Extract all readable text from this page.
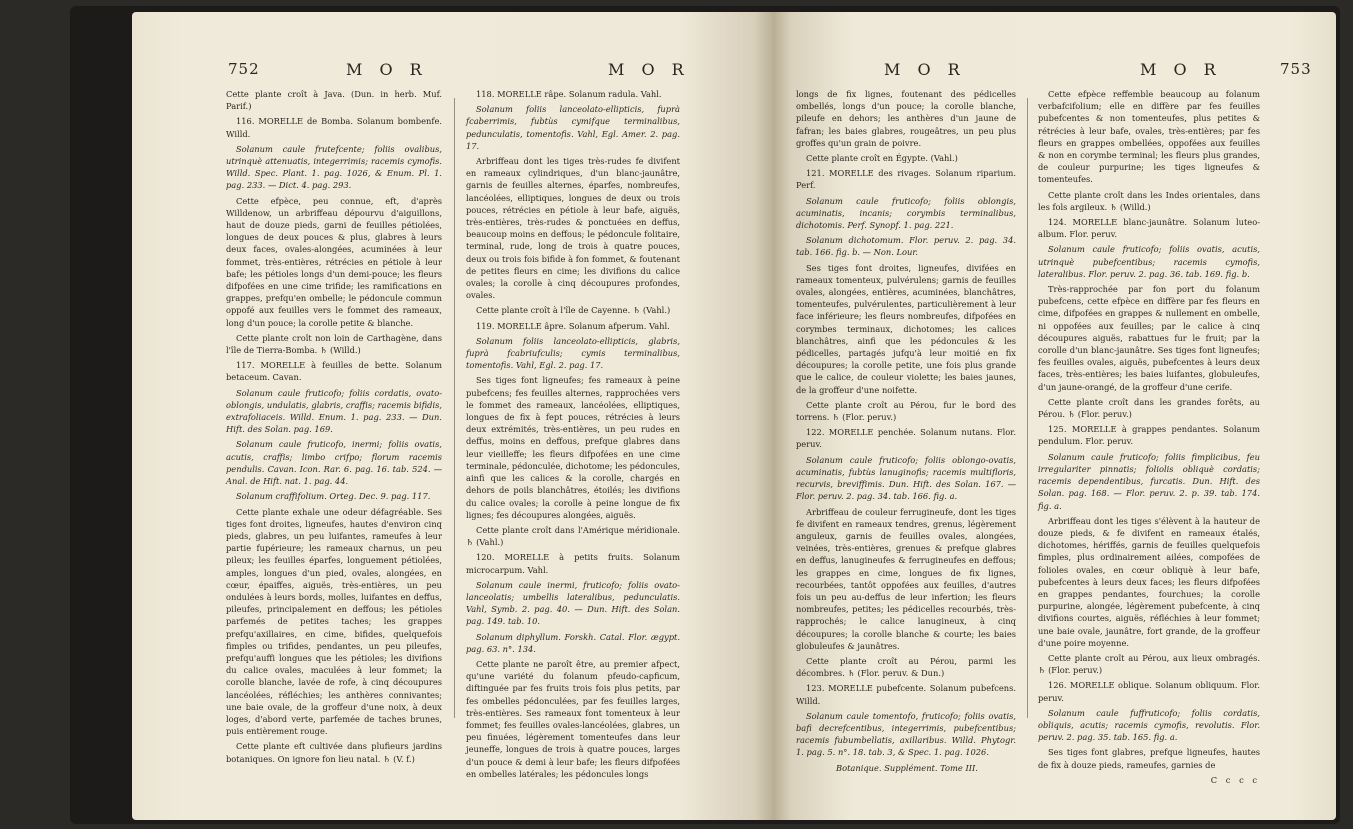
752	M O R	M O R

Cette plante croît à Java. (Dun. in herb. Muf. Parif.)

116. MORELLE de Bomba. Solanum bombenfe. Willd.

Solanum caule frutefcente; foliis ovalibus, utrinquè attenuatis, integerrimis; racemis cymofis. Willd. Spec. Plant. 1. pag. 1026, & Enum. Pl. 1. pag. 233. — Dict. 4. pag. 293.

Cette efpèce, peu connue, eft, d'après Willdenow, un arbriffeau dépourvu d'aiguillons, haut de douze pieds, garni de feuilles pétiolées, longues de deux pouces & plus, glabres à leurs deux faces, ovales-alongées, acuminées à leur fommet, très-entières, rétrécies en pétiole à leur bafe; les pétioles longs d'un demi-pouce; les fleurs difpofées en une cime trifide; les ramifications en grappes, prefqu'en ombelle; le pédoncule commun oppofé aux feuilles vers le fommet des rameaux, long d'un pouce; la corolle petite & blanche.

Cette plante croît non loin de Carthagène, dans l'île de Tierra-Bomba. ♄ (Willd.)

117. MORELLE à feuilles de bette. Solanum betaceum. Cavan.

Solanum caule fruticofo; foliis cordatis, ovato-oblongis, undulatis, glabris, craffis; racemis bifidis, extrafoliaceis. Willd. Enum. 1. pag. 233. — Dun. Hift. des Solan. pag. 169.

Solanum caule fruticofo, inermi; foliis ovatis, acutis, craffis; limbo crifpo; florum racemis pendulis. Cavan. Icon. Rar. 6. pag. 16. tab. 524. — Anal. de Hift. nat. 1. pag. 44.

Solanum craffifolium. Orteg. Dec. 9. pag. 117.

Cette plante exhale une odeur défagréable. Ses tiges font droites, ligneufes, hautes d'environ cinq pieds, glabres, un peu luifantes, rameufes à leur partie fupérieure; les rameaux charnus, un peu pileux; les feuilles éparfes, longuement pétiolées, amples, longues d'un pied, ovales, alongées, en cœur, épaiffes, aiguës, très-entières, un peu ondulées à leurs bords, molles, luifantes en deffus, pileufes, principalement en deffous; les pétioles parfemés de petites taches; les grappes prefqu'axillaires, en cime, bifides, quelquefois fimples ou trifides, pendantes, un peu pileufes, prefqu'auffi longues que les pétioles; les divifions du calice ovales, maculées à leur fommet; la corolle blanche, lavée de rofe, à cinq découpures lancéolées, réfléchies; les anthères connivantes; une baie ovale, de la groffeur d'une noix, à deux loges, d'abord verte, parfemée de taches brunes, puis entièrement rouge.

Cette plante eft cultivée dans plufieurs jardins botaniques. On ignore fon lieu natal. ♄ (V. f.)

118. MORELLE râpe. Solanum radula. Vahl.

Solanum foliis lanceolato-ellipticis, fuprà fcaberrimis, fubtùs cymifque terminalibus, pedunculatis, tomentofis. Vahl, Egl. Amer. 2. pag. 17.

Arbriffeau dont les tiges très-rudes fe divifent en rameaux cylindriques, d'un blanc-jaunâtre, garnis de feuilles alternes, éparfes, nombreufes, lancéolées, elliptiques, longues de deux ou trois pouces, rétrécies en pétiole à leur bafe, aiguës, très-entières, très-rudes & ponctuées en deffus, beaucoup moins en deffous; le pédoncule folitaire, terminal, rude, long de trois à quatre pouces, deux ou trois fois bifide à fon fommet, & foutenant de petites fleurs en cime; les divifions du calice ovales; la corolle à cinq découpures profondes, ovales.

Cette plante croît à l'île de Cayenne. ♄ (Vahl.)

119. MORELLE âpre. Solanum afperum. Vahl.

Solanum foliis lanceolato-ellipticis, glabris, fuprà fcabriufculis; cymis terminalibus, tomentofis. Vahl, Egl. 2. pag. 17.

Ses tiges font ligneufes; fes rameaux à peine pubefcens; fes feuilles alternes, rapprochées vers le fommet des rameaux, lancéolées, elliptiques, longues de fix à fept pouces, rétrécies à leurs deux extrémités, très-entières, un peu rudes en deffus, moins en deffous, prefque glabres dans leur vieilleffe; les fleurs difpofées en une cime terminale, pédonculée, dichotome; les pédoncules, ainfi que les calices & la corolle, chargés en dehors de poils blanchâtres, étoilés; les divifions du calice ovales; la corolle à peine longue de fix lignes; fes découpures alongées, aiguës.

Cette plante croît dans l'Amérique méridionale. ♄ (Vahl.)

120. MORELLE à petits fruits. Solanum microcarpum. Vahl.

Solanum caule inermi, fruticofo; foliis ovato-lanceolatis; umbellis lateralibus, pedunculatis. Vahl, Symb. 2. pag. 40. — Dun. Hift. des Solan. pag. 149. tab. 10.

Solanum diphyllum. Forskh. Catal. Flor. ægypt. pag. 63. n°. 134.

Cette plante ne paroît être, au premier afpect, qu'une variété du folanum pfeudo-capficum, diftinguée par fes fruits trois fois plus petits, par fes ombelles pédonculées, par fes feuilles larges, très-entières. Ses rameaux font tomenteux à leur fommet; fes feuilles ovales-lancéolées, glabres, un peu finuées, légèrement tomenteufes dans leur jeuneffe, longues de trois à quatre pouces, larges d'un pouce & demi à leur bafe; les fleurs difpofées en ombelles latérales; les pédoncules longs

M O R	M O R	753

longs de fix lignes, foutenant des pédicelles ombellés, longs d'un pouce; la corolle blanche, pileufe en dehors; les anthères d'un jaune de fafran; les baies glabres, rougeâtres, un peu plus groffes qu'un grain de poivre.

Cette plante croît en Égypte. (Vahl.)

121. MORELLE des rivages. Solanum riparium. Perf.

Solanum caule fruticofo; foliis oblongis, acuminatis, incanis; corymbis terminalibus, dichotomis. Perf. Synopf. 1. pag. 221.

Solanum dichotomum. Flor. peruv. 2. pag. 34. tab. 166. fig. b. — Non. Lour.

Ses tiges font droites, ligneufes, divifées en rameaux tomenteux, pulvérulens; garnis de feuilles ovales, alongées, entières, acuminées, blanchâtres, tomenteufes, pulvérulentes, particulièrement à leur face inférieure; les fleurs nombreufes, difpofées en corymbes terminaux, dichotomes; les calices blanchâtres, ainfi que les pédoncules & les pédicelles, partagés jufqu'à leur moitié en fix découpures; la corolle petite, une fois plus grande que le calice, de couleur violette; les baies jaunes, de la groffeur d'une noifette.

Cette plante croît au Pérou, fur le bord des torrens. ♄ (Flor. peruv.)

122. MORELLE penchée. Solanum nutans. Flor. peruv.

Solanum caule fruticofo; foliis oblongo-ovatis, acuminatis, fubtùs lanuginofis; racemis multifloris, recurvis, breviffimis. Dun. Hift. des Solan. 167. — Flor. peruv. 2. pag. 34. tab. 166. fig. a.

Arbriffeau de couleur ferrugineufe, dont les tiges fe divifent en rameaux tendres, grenus, légèrement anguleux, garnis de feuilles ovales, alongées, veinées, très-entières, grenues & prefque glabres en deffus, lanugineufes & ferrugineufes en deffous; les grappes en cime, longues de fix lignes, recourbées, tantôt oppofées aux feuilles, d'autres fois un peu au-deffus de leur infertion; les fleurs nombreufes, petites; les pédicelles recourbés, très-rapprochés; le calice lanugineux, à cinq découpures; la corolle blanche & courte; les baies globuleufes & jaunâtres.

Cette plante croît au Pérou, parmi les décombres. ♄ (Flor. peruv. & Dun.)

123. MORELLE pubefcente. Solanum pubefcens. Willd.

Solanum caule tomentofo, fruticofo; foliis ovatis, bafi decrefcentibus, integerrimis, pubefcentibus; racemis fubumbellatis, axillaribus. Willd. Phytogr. 1. pag. 5. n°. 18. tab. 3, & Spec. 1. pag. 1026.

Botanique. Supplément. Tome III.

Cette efpèce reffemble beaucoup au folanum verbafcifolium; elle en diffère par fes feuilles pubefcentes & non tomenteufes, plus petites & rétrécies à leur bafe, ovales, très-entières; par fes fleurs en grappes ombellées, oppofées aux feuilles & non en corymbe terminal; les fleurs plus grandes, de couleur purpurine; les tiges ligneufes & tomenteufes.

Cette plante croît dans les Indes orientales, dans les fols argileux. ♄ (Willd.)

124. MORELLE blanc-jaunâtre. Solanum luteo-album. Flor. peruv.

Solanum caule fruticofo; foliis ovatis, acutis, utrinquè pubefcentibus; racemis cymofis, lateralibus. Flor. peruv. 2. pag. 36. tab. 169. fig. b.

Très-rapprochée par fon port du folanum pubefcens, cette efpèce en diffère par fes fleurs en cime, difpofées en grappes & nullement en ombelle, ni oppofées aux feuilles; par le calice à cinq découpures aiguës, rabattues fur le fruit; par la corolle d'un blanc-jaunâtre. Ses tiges font ligneufes; fes feuilles ovales, aiguës, pubefcentes à leurs deux faces, très-entières; les baies luifantes, globuleufes, d'un jaune-orangé, de la groffeur d'une cerife.

Cette plante croît dans les grandes forêts, au Pérou. ♄ (Flor. peruv.)

125. MORELLE à grappes pendantes. Solanum pendulum. Flor. peruv.

Solanum caule fruticofo; foliis fimplicibus, feu irregulariter pinnatis; foliolis obliquè cordatis; racemis dependentibus, furcatis. Dun. Hift. des Solan. pag. 168. — Flor. peruv. 2. p. 39. tab. 174. fig. a.

Arbriffeau dont les tiges s'élèvent à la hauteur de douze pieds, & fe divifent en rameaux étalés, dichotomes, hériffés, garnis de feuilles quelquefois fimples, plus ordinairement ailées, compofées de folioles ovales, en cœur obliquè à leur bafe, pubefcentes à leurs deux faces; les fleurs difpofées en grappes pendantes, fourchues; la corolle purpurine, alongée, légèrement pubefcente, à cinq divifions courtes, aiguës, réfléchies à leur fommet; une baie ovale, jaunâtre, fort grande, de la groffeur d'une poire moyenne.

Cette plante croît au Pérou, aux lieux ombragés. ♄ (Flor. peruv.)

126. MORELLE oblique. Solanum obliquum. Flor. peruv.

Solanum caule fuffruticofo; foliis cordatis, obliquis, acutis; racemis cymofis, revolutis. Flor. peruv. 2. pag. 35. tab. 165. fig. a.

Ses tiges font glabres, prefque ligneufes, hautes de fix à douze pieds, rameufes, garnies de

C c c c
